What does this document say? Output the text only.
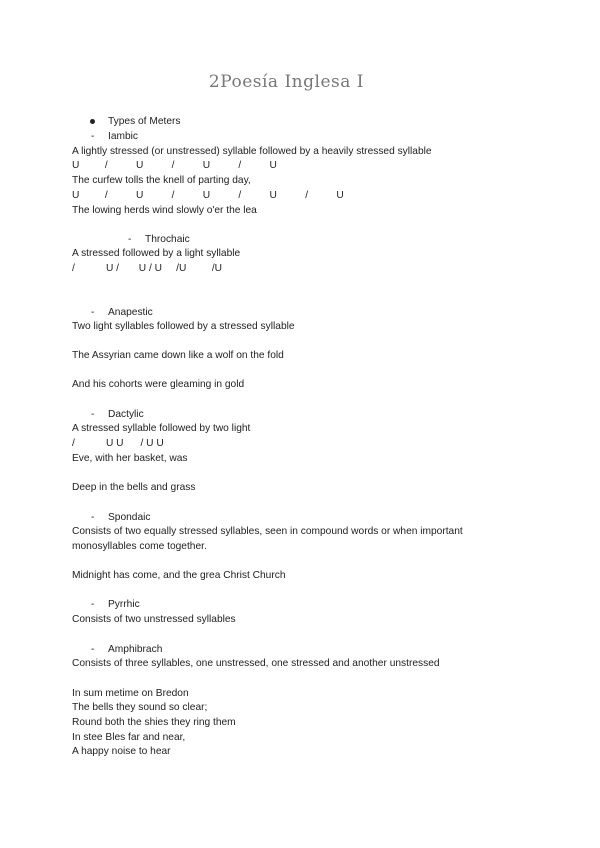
2Poesía Inglesa I
Types of Meters
- Iambic
A lightly stressed (or unstressed) syllable followed by a heavily stressed syllable
U         /          U          /          U          /          U
The curfew tolls the knell of parting day,
U         /          U          /          U          /          U          /          U
The lowing herds wind slowly o'er the lea
- Throchaic
A stressed followed by a light syllable
/           U /       U / U     /U         /U
- Anapestic
Two light syllables followed by a stressed syllable
The Assyrian came down like a wolf on the fold
And his cohorts were gleaming in gold
- Dactylic
A stressed syllable followed by two light
/           U U      / U U
Eve, with her basket, was
Deep in the bells and grass
- Spondaic
Consists of two equally stressed syllables, seen in compound words or when important
monosyllables come together.
Midnight has come, and the grea Christ Church
- Pyrrhic
Consists of two unstressed syllables
- Amphibrach
Consists of three syllables, one unstressed, one stressed and another unstressed
In sum metime on Bredon
The bells they sound so clear;
Round both the shies they ring them
In stee Bles far and near,
A happy noise to hear
